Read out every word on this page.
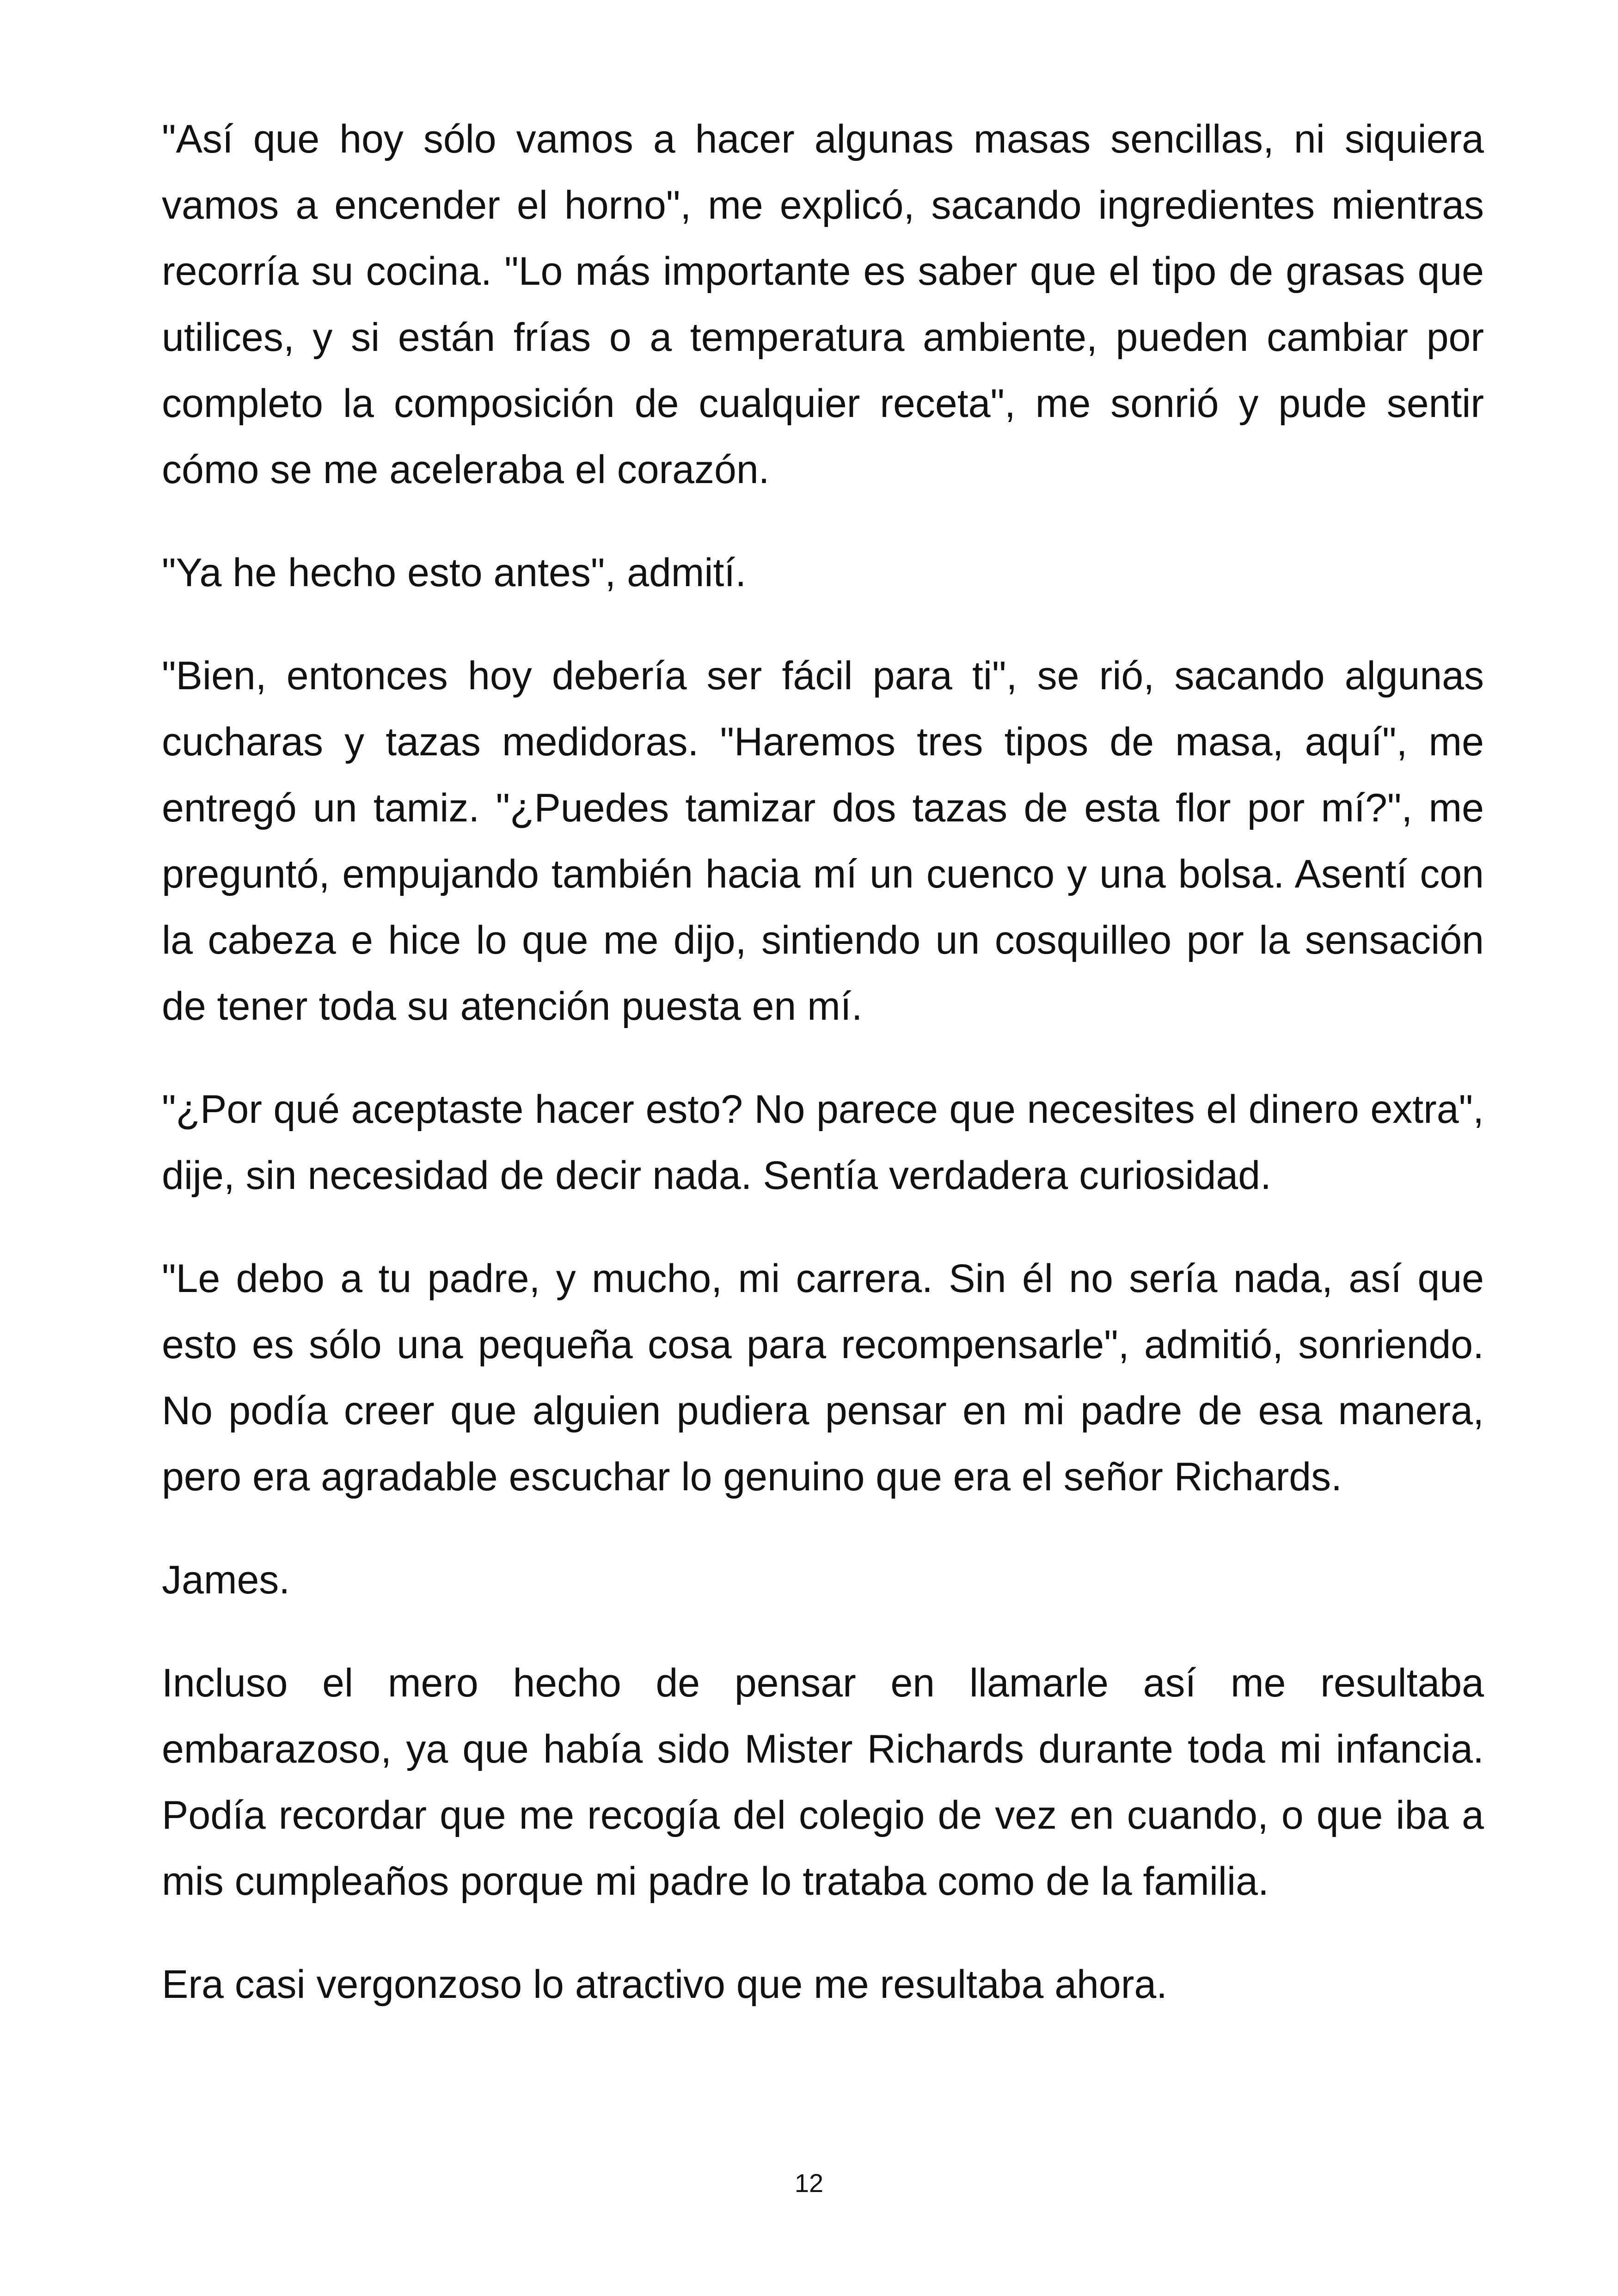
"Así que hoy sólo vamos a hacer algunas masas sencillas, ni siquiera vamos a encender el horno", me explicó, sacando ingredientes mientras recorría su cocina. "Lo más importante es saber que el tipo de grasas que utilices, y si están frías o a temperatura ambiente, pueden cambiar por completo la composición de cualquier receta", me sonrió y pude sentir cómo se me aceleraba el corazón.

"Ya he hecho esto antes", admití.

"Bien, entonces hoy debería ser fácil para ti", se rió, sacando algunas cucharas y tazas medidoras. "Haremos tres tipos de masa, aquí", me entregó un tamiz. "¿Puedes tamizar dos tazas de esta flor por mí?", me preguntó, empujando también hacia mí un cuenco y una bolsa. Asentí con la cabeza e hice lo que me dijo, sintiendo un cosquilleo por la sensación de tener toda su atención puesta en mí.

"¿Por qué aceptaste hacer esto? No parece que necesites el dinero extra", dije, sin necesidad de decir nada. Sentía verdadera curiosidad.

"Le debo a tu padre, y mucho, mi carrera. Sin él no sería nada, así que esto es sólo una pequeña cosa para recompensarle", admitió, sonriendo. No podía creer que alguien pudiera pensar en mi padre de esa manera, pero era agradable escuchar lo genuino que era el señor Richards.

James.

Incluso el mero hecho de pensar en llamarle así me resultaba embarazoso, ya que había sido Mister Richards durante toda mi infancia. Podía recordar que me recogía del colegio de vez en cuando, o que iba a mis cumpleaños porque mi padre lo trataba como de la familia.

Era casi vergonzoso lo atractivo que me resultaba ahora.

12
